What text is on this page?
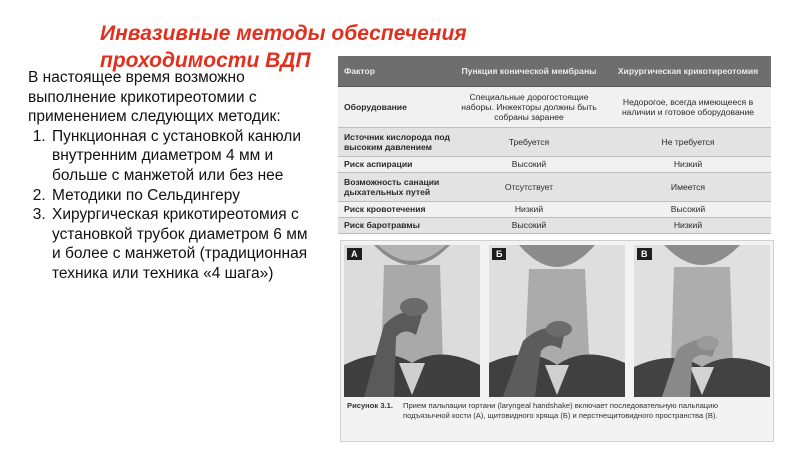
Инвазивные методы обеспечения проходимости ВДП

В настоящее время возможно выполнение крикотиреотомии с применением следующих методик:

1. Пункционная с установкой канюли внутренним диаметром 4 мм и больше с манжетой или без нее
2. Методики по Сельдингеру
3. Хирургическая крикотиреотомия с установкой трубок диаметром 6 мм и более с манжетой (традиционная техника или техника «4 шага»)
Фактор	Пункция конической мембраны	Хирургическая крикотиреотомия
Оборудование	Специальные дорогостоящие наборы. Инжекторы должны быть собраны заранее	Недорогое, всегда имеющееся в наличии и готовое оборудование
Источник кислорода под высоким давлением	Требуется	Не требуется
Риск аспирации	Высокий	Низкий
Возможность санации дыхательных путей	Отсутствует	Имеется
Риск кровотечения	Низкий	Высокий
Риск баротравмы	Высокий	Низкий
А	Б	В
Рисунок 3.1. Прием пальпации гортани (laryngeal handshake) включает последовательную пальпацию подъязычной кости (А), щитовидного хряща (Б) и перстнещитовидного пространства (В).
